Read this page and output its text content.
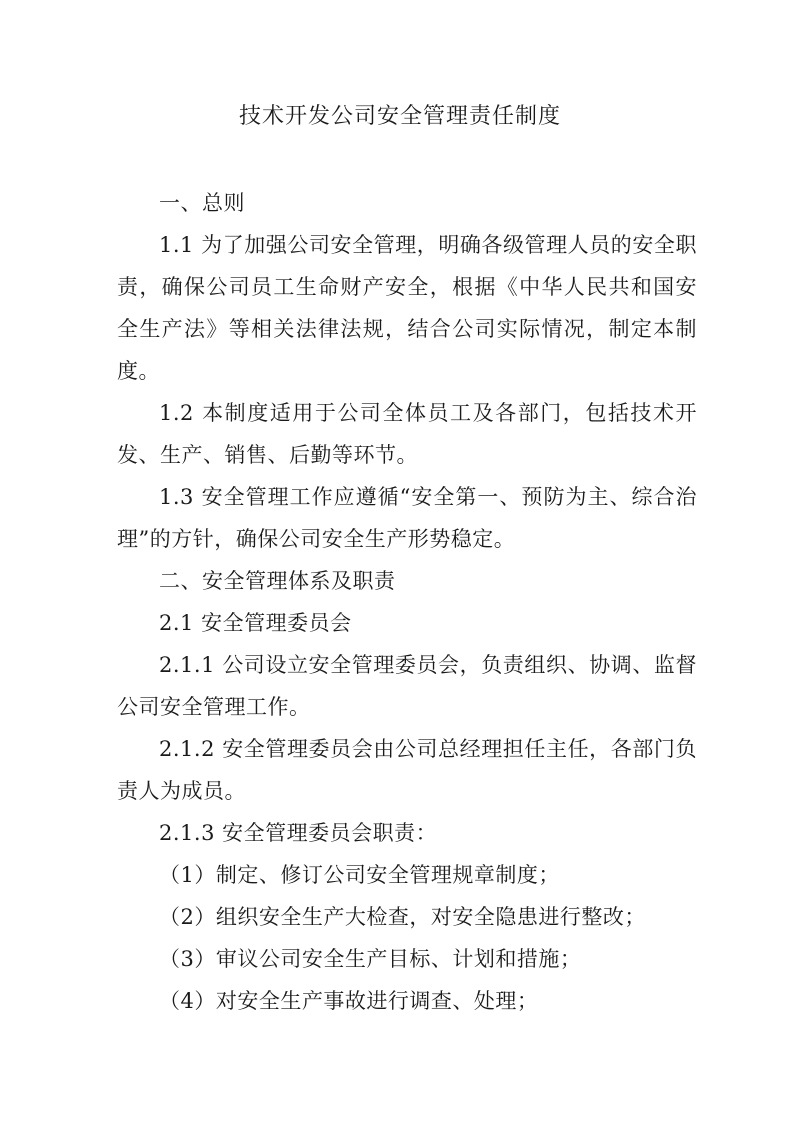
技术开发公司安全管理责任制度

一、总则

1.1 为了加强公司安全管理，明确各级管理人员的安全职责，确保公司员工生命财产安全，根据《中华人民共和国安全生产法》等相关法律法规，结合公司实际情况，制定本制度。

1.2 本制度适用于公司全体员工及各部门，包括技术开发、生产、销售、后勤等环节。

1.3 安全管理工作应遵循“安全第一、预防为主、综合治理”的方针，确保公司安全生产形势稳定。

二、安全管理体系及职责

2.1 安全管理委员会

2.1.1 公司设立安全管理委员会，负责组织、协调、监督公司安全管理工作。

2.1.2 安全管理委员会由公司总经理担任主任，各部门负责人为成员。

2.1.3 安全管理委员会职责：

（1）制定、修订公司安全管理规章制度；

（2）组织安全生产大检查，对安全隐患进行整改；

（3）审议公司安全生产目标、计划和措施；

（4）对安全生产事故进行调查、处理；
